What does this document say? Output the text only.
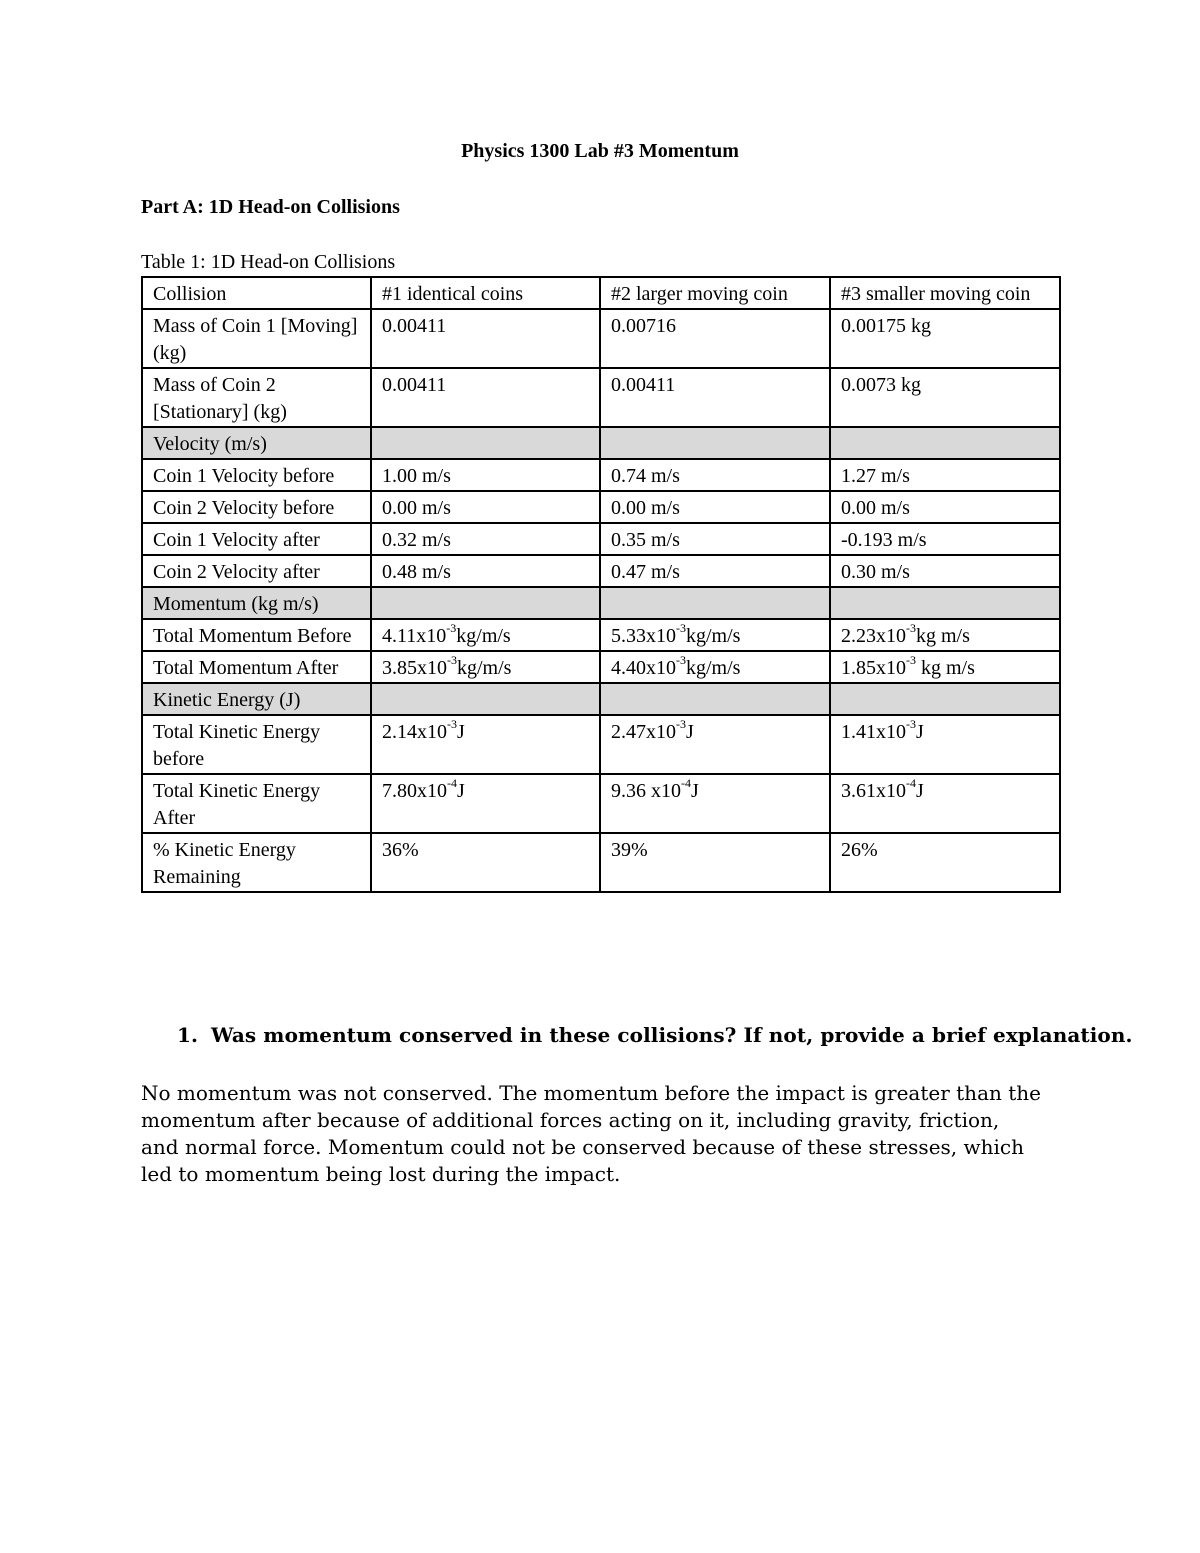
Physics 1300 Lab #3 Momentum
Part A: 1D Head-on Collisions
Table 1: 1D Head-on Collisions
Collision	#1 identical coins	#2 larger moving coin	#3 smaller moving coin
Mass of Coin 1 [Moving] (kg)	0.00411	0.00716	0.00175 kg
Mass of Coin 2 [Stationary] (kg)	0.00411	0.00411	0.0073 kg
Velocity (m/s)			
Coin 1 Velocity before	1.00 m/s	0.74 m/s	1.27 m/s
Coin 2 Velocity before	0.00 m/s	0.00 m/s	0.00 m/s
Coin 1 Velocity after	0.32 m/s	0.35 m/s	-0.193 m/s
Coin 2 Velocity after	0.48 m/s	0.47 m/s	0.30 m/s
Momentum (kg m/s)			
Total Momentum Before	$4.11x10^{-3}kg/m/s$	$5.33x10^{-3}kg/m/s$	$2.23x10^{-3}kg$ m/s
Total Momentum After	$3.85x10^{-3}kg/m/s$	$4.40x10^{-3}kg/m/s$	$1.85x10^{-3}$ kg m/s
Kinetic Energy (J)			
Total Kinetic Energy before	$2.14x10^{-3}J$	$2.47x10^{-3}J$	$1.41x10^{-3}J$
Total Kinetic Energy After	$7.80x10^{-4}J$	9.36 $x10^{-4}J$	$3.61x10^{-4}J$
% Kinetic Energy Remaining	36%	39%	26%
1. Was momentum conserved in these collisions? If not, provide a brief explanation.
No momentum was not conserved. The momentum before the impact is greater than the momentum after because of additional forces acting on it, including gravity, friction, and normal force. Momentum could not be conserved because of these stresses, which led to momentum being lost during the impact.
